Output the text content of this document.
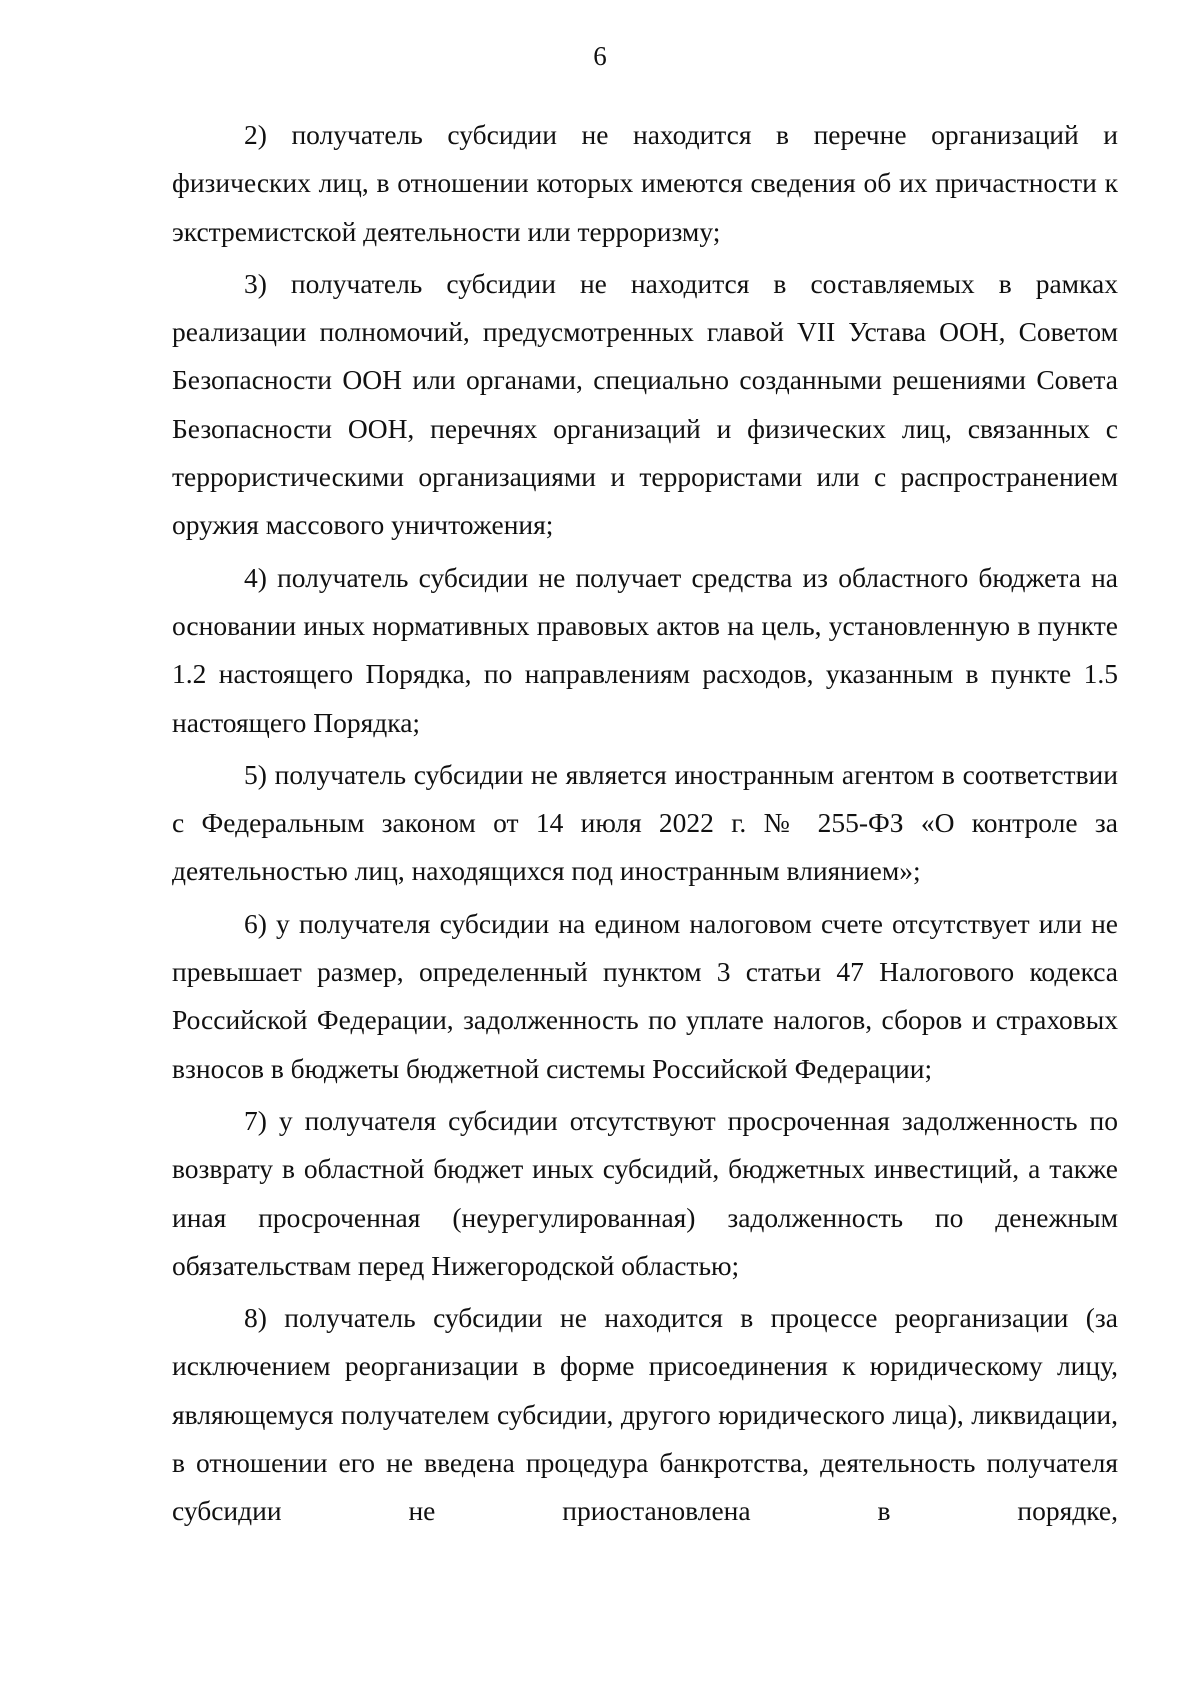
6

2) получатель субсидии не находится в перечне организаций и физических лиц, в отношении которых имеются сведения об их причастности к экстремистской деятельности или терроризму;

3) получатель субсидии не находится в составляемых в рамках реализации полномочий, предусмотренных главой VII Устава ООН, Советом Безопасности ООН или органами, специально созданными решениями Совета Безопасности ООН, перечнях организаций и физических лиц, связанных с террористическими организациями и террористами или с распространением оружия массового уничтожения;

4) получатель субсидии не получает средства из областного бюджета на основании иных нормативных правовых актов на цель, установленную в пункте 1.2 настоящего Порядка, по направлениям расходов, указанным в пункте 1.5 настоящего Порядка;

5) получатель субсидии не является иностранным агентом в соответствии с Федеральным законом от 14 июля 2022 г. № 255-ФЗ «О контроле за деятельностью лиц, находящихся под иностранным влиянием»;

6) у получателя субсидии на едином налоговом счете отсутствует или не превышает размер, определенный пунктом 3 статьи 47 Налогового кодекса Российской Федерации, задолженность по уплате налогов, сборов и страховых взносов в бюджеты бюджетной системы Российской Федерации;

7) у получателя субсидии отсутствуют просроченная задолженность по возврату в областной бюджет иных субсидий, бюджетных инвестиций, а также иная просроченная (неурегулированная) задолженность по денежным обязательствам перед Нижегородской областью;

8) получатель субсидии не находится в процессе реорганизации (за исключением реорганизации в форме присоединения к юридическому лицу, являющемуся получателем субсидии, другого юридического лица), ликвидации, в отношении его не введена процедура банкротства, деятельность получателя субсидии не приостановлена в порядке,
